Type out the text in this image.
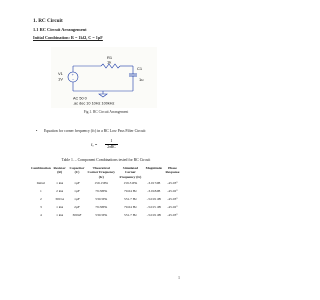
1. RC Circuit
1.1 RC Circuit Arrangement
Initial Combination: R = 1kΩ, C = 1µF
+
−
R1
1k
C1
1u
V1
1V
AC 50 0
.ac dec 10 10Hz 100kHz
Fig.1. RC Circuit Arrangement
• Equation for corner frequency (fc) in a RC Low Pass Filter Circuit:
f꜀ =
1
2πRC
Table 1. – Component Combinations tested for RC Circuit
Combination	Resistor (R)	Capacitor (C)	Theoretical Corner Frequency (fc)	Simulated Corner Frequency (fc)	Magnitude	Phase Response
Initial	1 kΩ	1µF	159.15Hz	159.31Hz	-3.017dB	-45.03°
1	2 kΩ	1µF	79.58Hz	79.64 Hz	-3.018dB	-45.02°
2	300 Ω	1µF	530.5Hz	531.7 Hz	-3.019 dB	-45.03°
3	1 kΩ	2µF	79.58Hz	79.64 Hz	-3.015 dB	-45.02°
4	1 kΩ	300nF	530.5Hz	531.7 Hz	-3.019 dB	-45.03°
1
